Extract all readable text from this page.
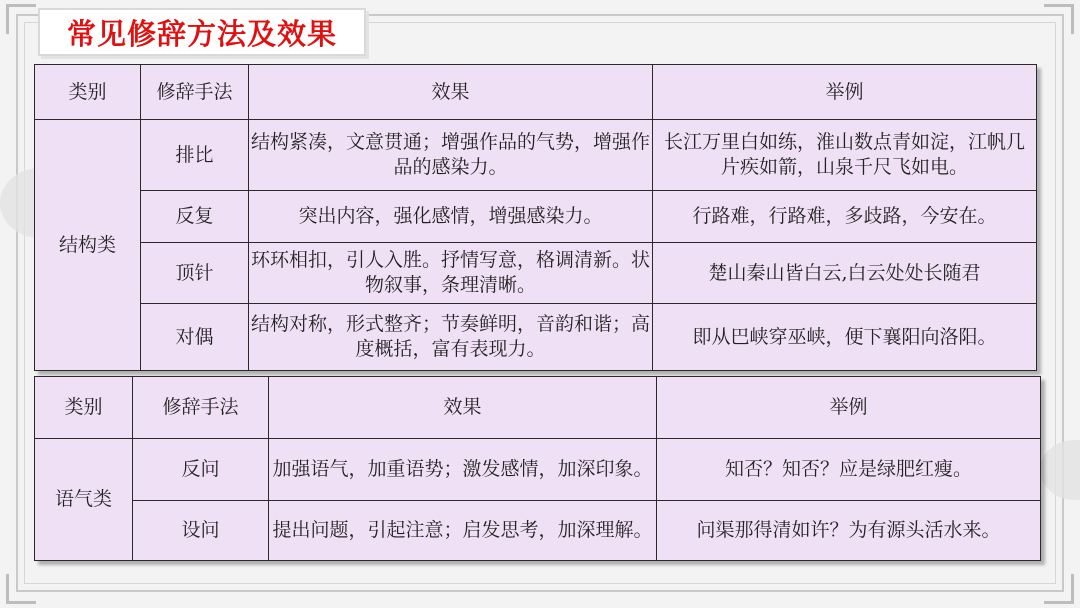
常见修辞方法及效果
类别	修辞手法	效果	举例
结构类	排比	结构紧凑，文意贯通；增强作品的气势，增强作品的感染力。	长江万里白如练，淮山数点青如淀，江帆几片疾如箭，山泉千尺飞如电。
	反复	突出内容，强化感情，增强感染力。	行路难，行路难，多歧路，今安在。
	顶针	环环相扣，引人入胜。抒情写意，格调清新。状物叙事，条理清晰。	楚山秦山皆白云,白云处处长随君
	对偶	结构对称，形式整齐；节奏鲜明，音韵和谐；高度概括，富有表现力。	即从巴峡穿巫峡，便下襄阳向洛阳。
类别	修辞手法	效果	举例
语气类	反问	加强语气，加重语势；激发感情，加深印象。	知否？知否？应是绿肥红瘦。
	设问	提出问题，引起注意；启发思考，加深理解。	问渠那得清如许？为有源头活水来。
